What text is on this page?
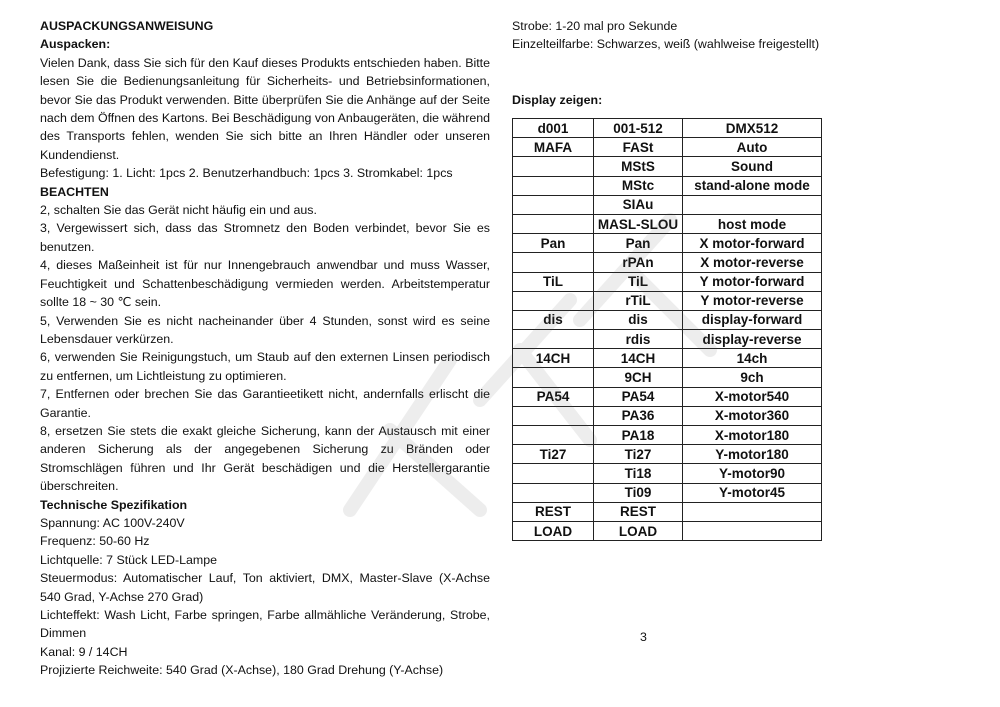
AUSPACKUNGSANWEISUNG

Auspacken:

Vielen Dank, dass Sie sich für den Kauf dieses Produkts entschieden haben. Bitte lesen Sie die Bedienungsanleitung für Sicherheits- und Betriebsinformationen, bevor Sie das Produkt verwenden. Bitte überprüfen Sie die Anhänge auf der Seite nach dem Öffnen des Kartons. Bei Beschädigung von Anbaugeräten, die während des Transports fehlen, wenden Sie sich bitte an Ihren Händler oder unseren Kundendienst.

Befestigung: 1. Licht: 1pcs 2. Benutzerhandbuch: 1pcs 3. Stromkabel: 1pcs

BEACHTEN

2, schalten Sie das Gerät nicht häufig ein und aus.

3, Vergewissert sich, dass das Stromnetz den Boden verbindet, bevor Sie es benutzen.

4, dieses Maßeinheit ist für nur Innengebrauch anwendbar und muss Wasser, Feuchtigkeit und Schattenbeschädigung vermieden werden. Arbeitstemperatur sollte 18 ~ 30 ℃ sein.

5, Verwenden Sie es nicht nacheinander über 4 Stunden, sonst wird es seine Lebensdauer verkürzen.

6, verwenden Sie Reinigungstuch, um Staub auf den externen Linsen periodisch zu entfernen, um Lichtleistung zu optimieren.

7, Entfernen oder brechen Sie das Garantieetikett nicht, andernfalls erlischt die Garantie.

8, ersetzen Sie stets die exakt gleiche Sicherung, kann der Austausch mit einer anderen Sicherung als der angegebenen Sicherung zu Bränden oder Stromschlägen führen und Ihr Gerät beschädigen und die Herstellergarantie überschreiten.

Technische Spezifikation

Spannung: AC 100V-240V

Frequenz: 50-60 Hz

Lichtquelle: 7 Stück LED-Lampe

Steuermodus: Automatischer Lauf, Ton aktiviert, DMX, Master-Slave (X-Achse 540 Grad, Y-Achse 270 Grad)

Lichteffekt: Wash Licht, Farbe springen, Farbe allmähliche Veränderung, Strobe, Dimmen

Kanal: 9 / 14CH

Projizierte Reichweite: 540 Grad (X-Achse), 180 Grad Drehung (Y-Achse)

Strobe: 1-20 mal pro Sekunde

Einzelteilfarbe: Schwarzes, weiß (wahlweise freigestellt)

Display zeigen:
d001	001-512	DMX512
MAFA	FASt	Auto
	MStS	Sound
	MStc	stand-alone mode
	SIAu	
	MASL-SLOU	host mode
Pan	Pan	X motor-forward
	rPAn	X motor-reverse
TiL	TiL	Y motor-forward
	rTiL	Y motor-reverse
dis	dis	display-forward
	rdis	display-reverse
14CH	14CH	14ch
	9CH	9ch
PA54	PA54	X-motor540
	PA36	X-motor360
	PA18	X-motor180
Ti27	Ti27	Y-motor180
	Ti18	Y-motor90
	Ti09	Y-motor45
REST	REST	
LOAD	LOAD	
3
